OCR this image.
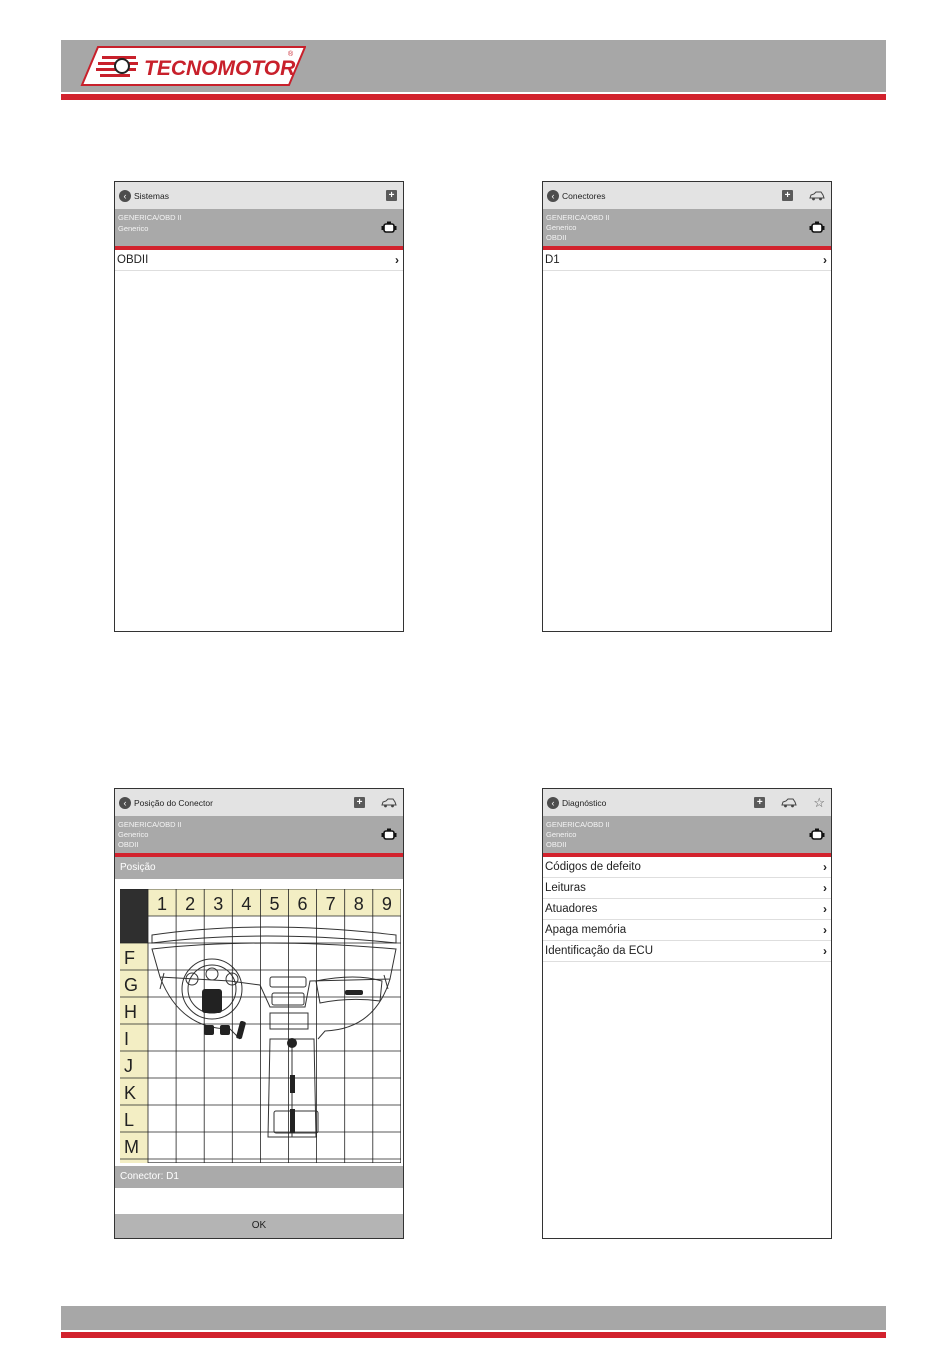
TECNOMOTOR
®
‹ Sistemas	+
GENERICA/OBD II
Generico
OBDII	›
‹ Conectores	+
GENERICA/OBD II
Generico
OBDII
D1	›
‹ Posição do Conector	+
GENERICA/OBD II
Generico
OBDII
Posição
1 2 3 4 5 6 7 8 9
F
G
H
I
J
K
L
M
Conector: D1
OK
‹ Diagnóstico	+	☆
GENERICA/OBD II
Generico
OBDII
Códigos de defeito	›
Leituras	›
Atuadores	›
Apaga memória	›
Identificação da ECU	›
